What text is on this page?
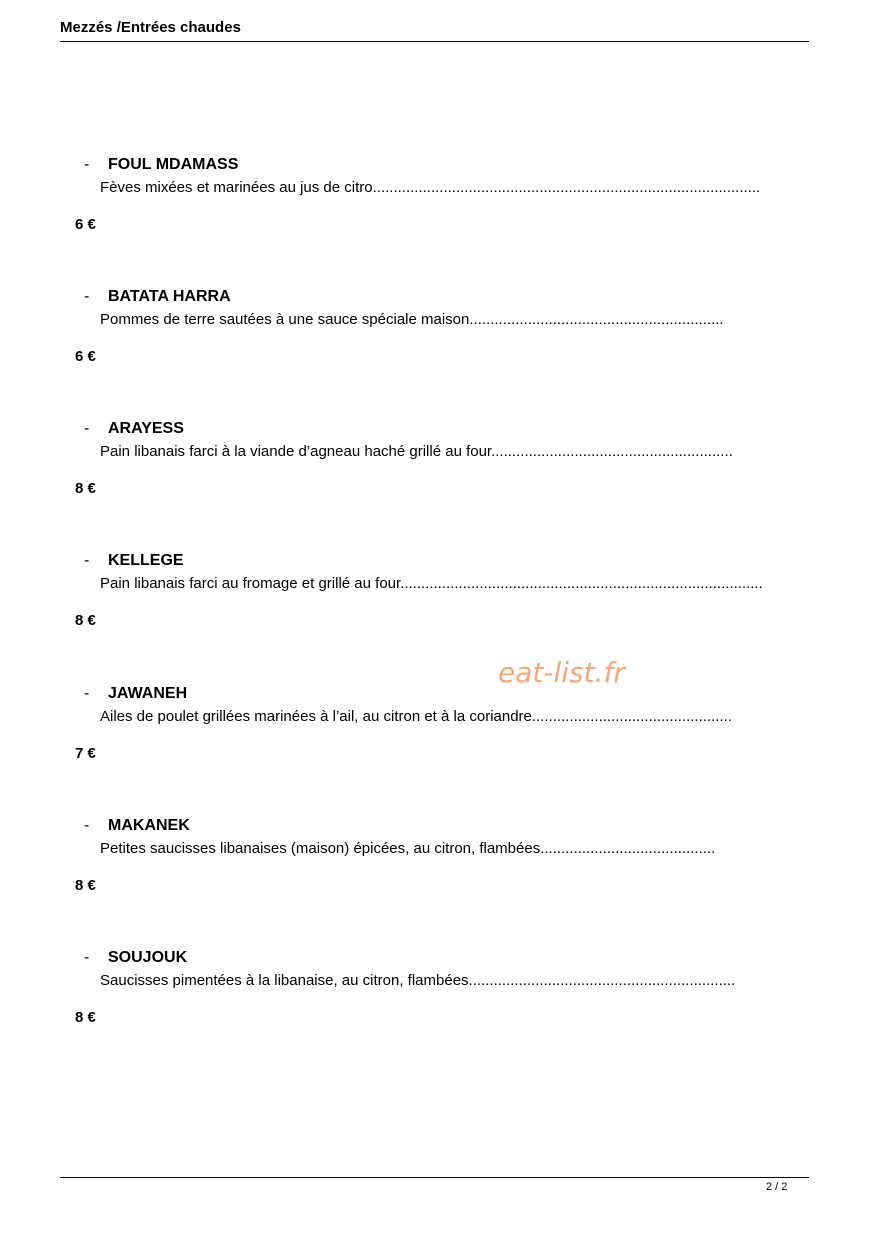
Mezzés /Entrées chaudes
- FOUL MDAMASS
Fèves mixées et marinées au jus de citro.............................................................................................
6 €
- BATATA HARRA
Pommes de terre sautées à une sauce spéciale maison.............................................................
6 €
- ARAYESS
Pain libanais farci à la viande d’agneau haché grillé au four..........................................................
8 €
- KELLEGE
Pain libanais farci au fromage et grillé au four.......................................................................................
8 €
- JAWANEH
Ailes de poulet grillées marinées à l’ail, au citron et à la coriandre................................................
7 €
- MAKANEK
Petites saucisses libanaises (maison) épicées, au citron, flambées..........................................
8 €
- SOUJOUK
Saucisses pimentées à la libanaise, au citron, flambées................................................................
8 €
eat-list.fr
2 / 2
